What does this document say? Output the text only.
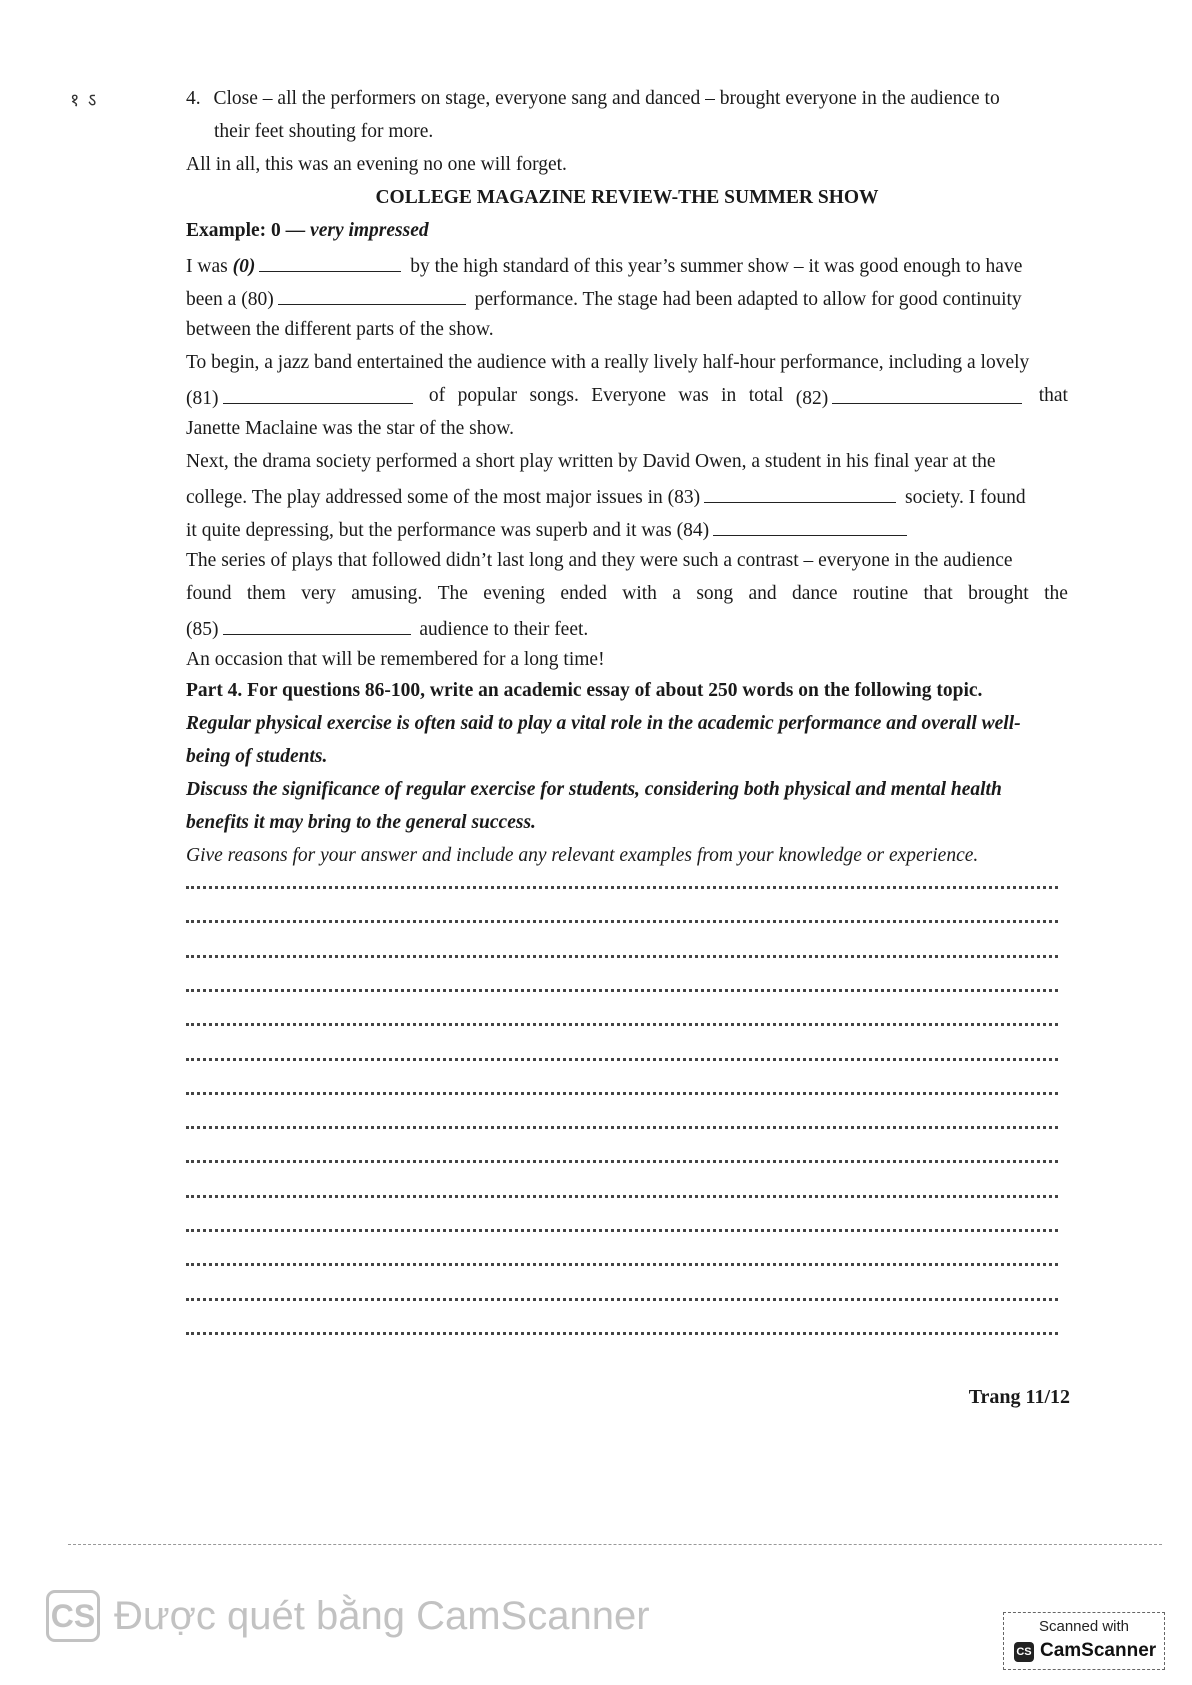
१ ऽ	4. Close – all the performers on stage, everyone sang and danced – brought everyone in the audience to
their feet shouting for more.
All in all, this was an evening no one will forget.
COLLEGE MAGAZINE REVIEW-THE SUMMER SHOW
Example: 0 — very impressed
I was (0)	by the high standard of this year’s summer show – it was good enough to have
been a (80)	performance. The stage had been adapted to allow for good continuity
between the different parts of the show.
To begin, a jazz band entertained the audience with a really lively half-hour performance, including a lovely
(81)	of popular songs. Everyone was in total (82)	that
Janette Maclaine was the star of the show.
Next, the drama society performed a short play written by David Owen, a student in his final year at the
college. The play addressed some of the most major issues in (83)	society. I found
it quite depressing, but the performance was superb and it was (84)
The series of plays that followed didn’t last long and they were such a contrast – everyone in the audience
found them very amusing. The evening ended with a song and dance routine that brought the
(85)	audience to their feet.
An occasion that will be remembered for a long time!
Part 4. For questions 86-100, write an academic essay of about 250 words on the following topic.
Regular physical exercise is often said to play a vital role in the academic performance and overall well-
being of students.
Discuss the significance of regular exercise for students, considering both physical and mental health
benefits it may bring to the general success.
Give reasons for your answer and include any relevant examples from your knowledge or experience.
Trang 11/12
CS Được quét bằng CamScanner	Scanned with
CS CamScanner
